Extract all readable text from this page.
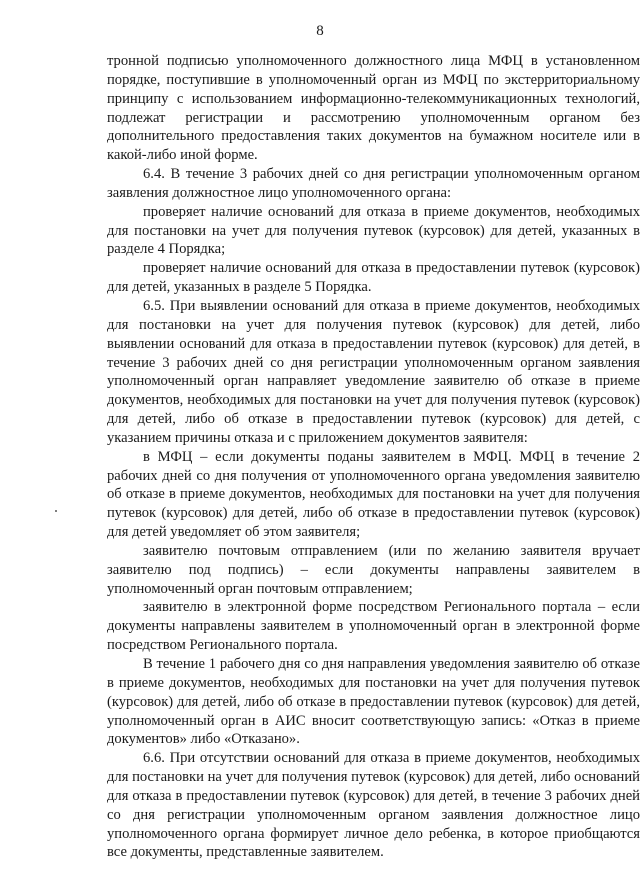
8

тронной подписью уполномоченного должностного лица МФЦ в установленном порядке, поступившие в уполномоченный орган из МФЦ по экстерриториальному принципу с использованием информационно-телекоммуникационных технологий, подлежат регистрации и рассмотрению уполномоченным органом без дополнительного предоставления таких документов на бумажном носителе или в какой-либо иной форме.

6.4. В течение 3 рабочих дней со дня регистрации уполномоченным органом заявления должностное лицо уполномоченного органа:

проверяет наличие оснований для отказа в приеме документов, необходимых для постановки на учет для получения путевок (курсовок) для детей, указанных в разделе 4 Порядка;

проверяет наличие оснований для отказа в предоставлении путевок (курсовок) для детей, указанных в разделе 5 Порядка.

6.5. При выявлении оснований для отказа в приеме документов, необходимых для постановки на учет для получения путевок (курсовок) для детей, либо выявлении оснований для отказа в предоставлении путевок (курсовок) для детей, в течение 3 рабочих дней со дня регистрации уполномоченным органом заявления уполномоченный орган направляет уведомление заявителю об отказе в приеме документов, необходимых для постановки на учет для получения путевок (курсовок) для детей, либо об отказе в предоставлении путевок (курсовок) для детей, с указанием причины отказа и с приложением документов заявителя:

в МФЦ – если документы поданы заявителем в МФЦ. МФЦ в течение 2 рабочих дней со дня получения от уполномоченного органа уведомления заявителю об отказе в приеме документов, необходимых для постановки на учет для получения путевок (курсовок) для детей, либо об отказе в предоставлении путевок (курсовок) для детей уведомляет об этом заявителя;

заявителю почтовым отправлением (или по желанию заявителя вручает заявителю под подпись) – если документы направлены заявителем в уполномоченный орган почтовым отправлением;

заявителю в электронной форме посредством Регионального портала – если документы направлены заявителем в уполномоченный орган в электронной форме посредством Регионального портала.

В течение 1 рабочего дня со дня направления уведомления заявителю об отказе в приеме документов, необходимых для постановки на учет для получения путевок (курсовок) для детей, либо об отказе в предоставлении путевок (курсовок) для детей, уполномоченный орган в АИС вносит соответствующую запись: «Отказ в приеме документов» либо «Отказано».

6.6. При отсутствии оснований для отказа в приеме документов, необходимых для постановки на учет для получения путевок (курсовок) для детей, либо оснований для отказа в предоставлении путевок (курсовок) для детей, в течение 3 рабочих дней со дня регистрации уполномоченным органом заявления должностное лицо уполномоченного органа формирует личное дело ребенка, в которое приобщаются все документы, представленные заявителем.
